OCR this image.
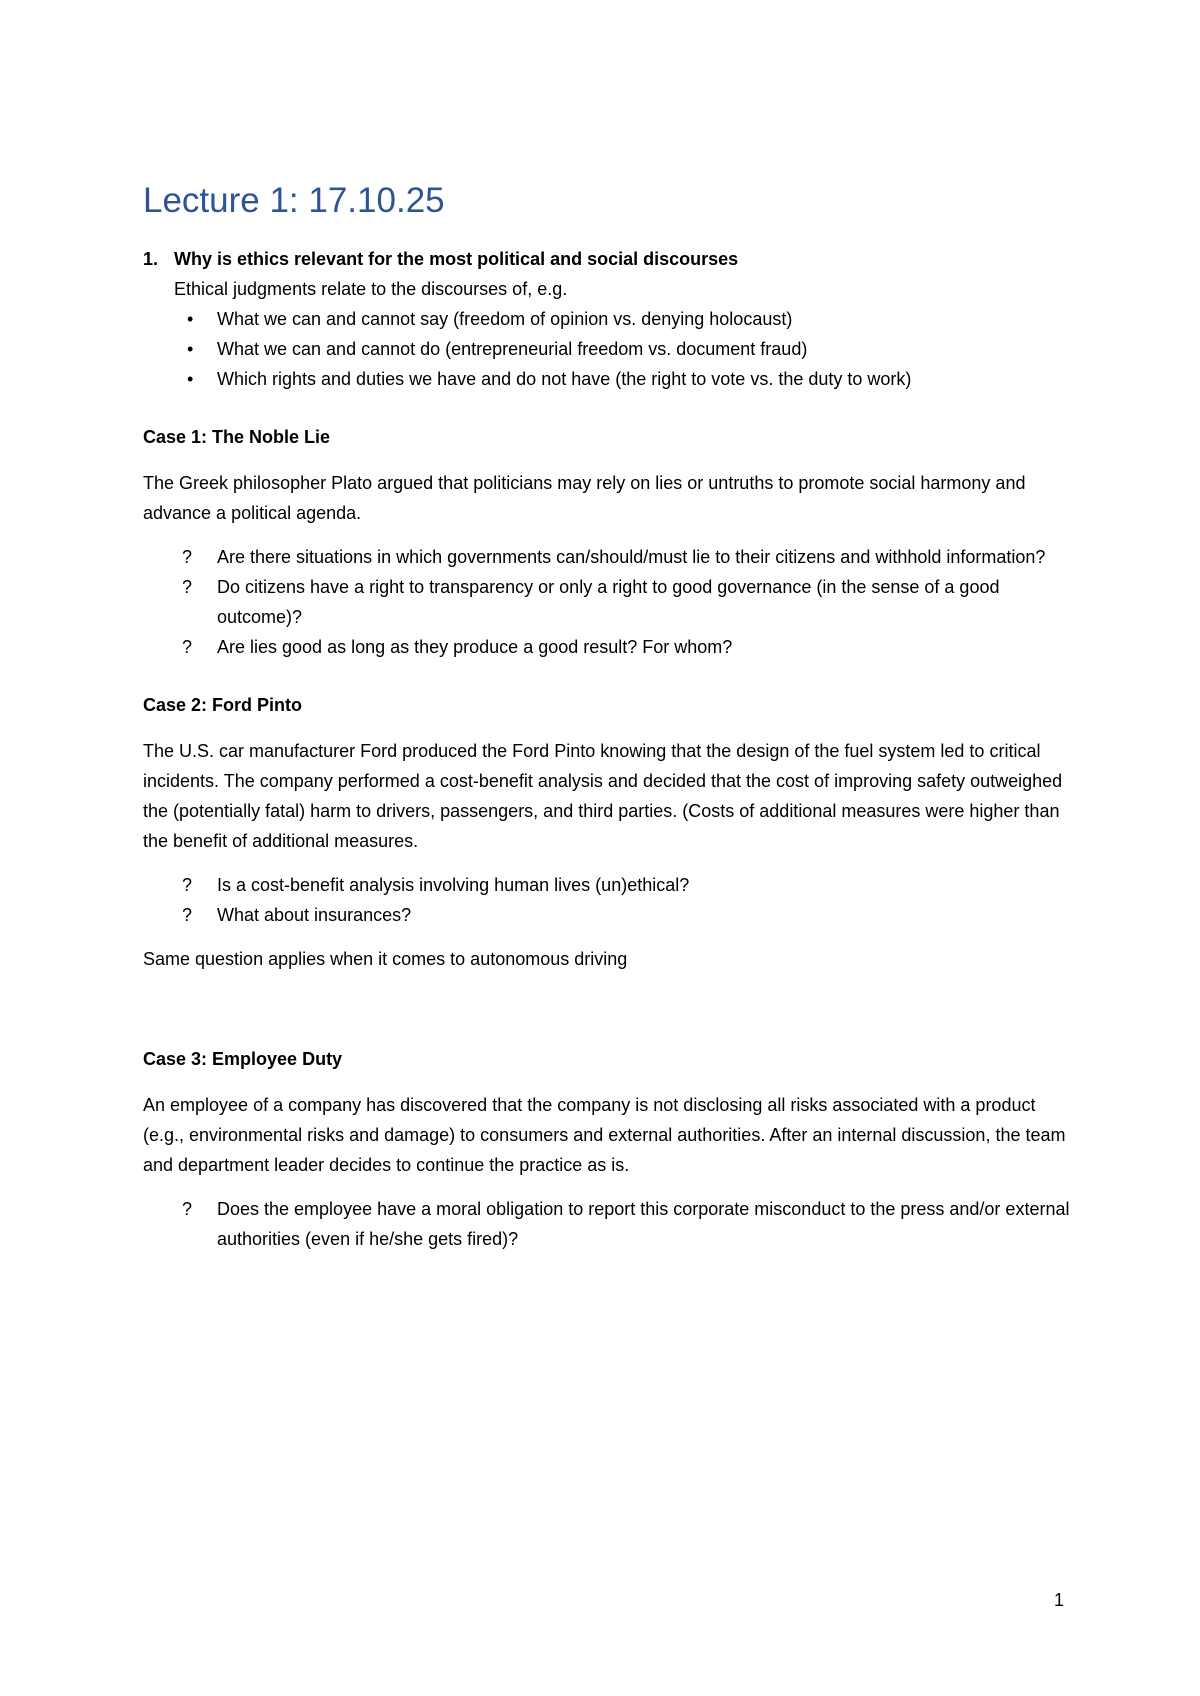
Lecture 1: 17.10.25
1. Why is ethics relevant for the most political and social discourses
Ethical judgments relate to the discourses of, e.g.
• What we can and cannot say (freedom of opinion vs. denying holocaust)
• What we can and cannot do (entrepreneurial freedom vs. document fraud)
• Which rights and duties we have and do not have (the right to vote vs. the duty to work)
Case 1: The Noble Lie

The Greek philosopher Plato argued that politicians may rely on lies or untruths to promote social harmony and advance a political agenda.

? Are there situations in which governments can/should/must lie to their citizens and withhold information?
? Do citizens have a right to transparency or only a right to good governance (in the sense of a good outcome)?
? Are lies good as long as they produce a good result? For whom?
Case 2: Ford Pinto

The U.S. car manufacturer Ford produced the Ford Pinto knowing that the design of the fuel system led to critical incidents. The company performed a cost-benefit analysis and decided that the cost of improving safety outweighed the (potentially fatal) harm to drivers, passengers, and third parties. (Costs of additional measures were higher than the benefit of additional measures.

? Is a cost-benefit analysis involving human lives (un)ethical?
? What about insurances?

Same question applies when it comes to autonomous driving

Case 3: Employee Duty

An employee of a company has discovered that the company is not disclosing all risks associated with a product (e.g., environmental risks and damage) to consumers and external authorities. After an internal discussion, the team and department leader decides to continue the practice as is.

? Does the employee have a moral obligation to report this corporate misconduct to the press and/or external authorities (even if he/she gets fired)?
1
